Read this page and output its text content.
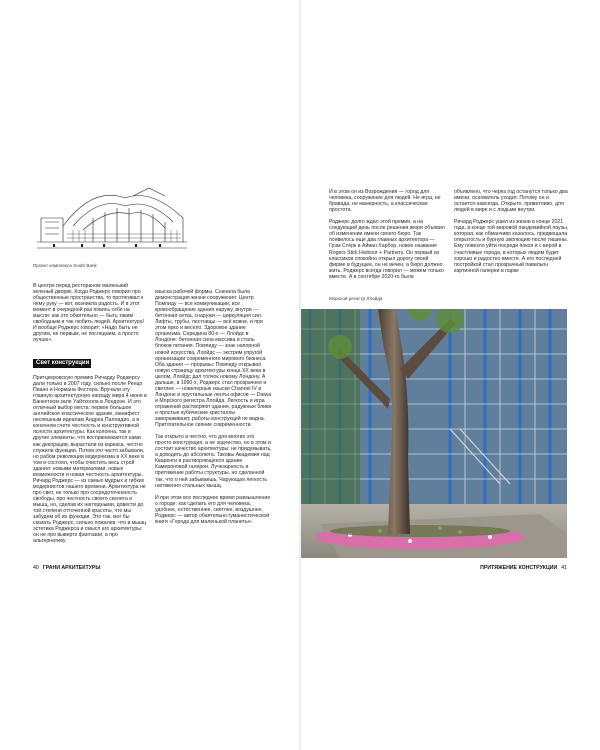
Проект комплекса South Bank

В центре перед рестораном маленький зеленый дворик. Когда Роджерс говорил про общественные пространства, то протягивал к нему руку — вот, возникла радость. И в этот момент в очередной раз повись себя на мысли: как это обаятельно — быть таким свободным и так любить людей. Архитектура! И вообще Роджерс говорит: «Надо быть не другим, не первым, не последним, а просто лучше».

Свет конструкции

Притцкеровскую премию Ричарду Роджерсу дали только в 2007 году, сильно после Ренцо Пиано и Нормана Фостера. Вручали эту главную архитектурную награду мира 4 июня в Банкетном зале Уайтхолла в Лондоне. И это отличный выбор места: первое большое английское классическое здание, манифест неспешным идеалам Андреа Палладио, а в конечном счете честность и конструктивной ясности архитектуры. Как колонна, так и другие элементы, что воспринимаются нами как декорации, вырастали из каркаса, честно служили функции. Потом это часто забывали, но рабом революции модернизма в XX веке в том и состоял, чтобы очистить весь строй здания: новыми материалами, новые возможности и новая честность архитектуры. Ричард Роджерс — из самых мудрых и гибких модернистов нашего времени. Архитектура не про свет, не только про сосредоточенность свободы, про честность своего скелета и мышц, но, сделав их наглядными, довести до той степени отточенной красоты, что мы забудем об их функции. Это так, мог бы сказать Роджерс, сильно пожалев, что в мышц эстетика Роджерса и смысл его архитектуры: он не про вывертs фантазии, а про альтернативу.

изыска рабочей формы. Сначала была демонстрация жизни сооружения: Центр Помпиду — все коммуникации, все кровообращение здания наружу, внутри — бетонная сетка, снаружи — циркуляция сил. Лифты, трубы, лестницы — всё вовне, и при этом ярко и весело. Здоровое здание организма. Середина 80-х — Ллойдс в Лондоне: бетонная сила массива и сталь блоков питания. Помпиду — знак напорной новой искусства, Ллойдс — экстрим упругой организации современного мирового бизнеса. Оба здания — прорывы: Помпиду открывал новую страницу архитектуры конца XX века в целом, Ллойдс дал толчок новому Лондону. А дальше, в 1990-х, Роджерс стал прозрачнее и светлее — новелерные изыски Channel IV в Лондоне и хрустальные ленты офисов — Daiwa и Морского регистра Ллойда. Легкость и игра отражений растворяют здания, радужные блики и простые кубические кристаллы завораживают, работы конструкций не видна. Притягательное сияние современности.

Так открыто и честно, что для многих это просто конструкция, а не зодчество, но в этом и состоит качество архитектуры: не придумывать, а доводить до абсолюта. Таковы Академия над Кваренги и растворяющееся здание Камероновой галереи. Лучезарность и притяжение работы структуры, но сделанной так, что о ней забываешь. Чарующая легкость натяжения стальных мышц.

И при этом все последнее время размышление о городе: как сделать его для человека, удобнее, естественнее, светлее, воздушнее. Роджерс — автор обаятельно гуманистической книги «Города для маленькой планеты».

40 ГРАНИ АРХИТЕКТУРЫ

И в этом он из Возрождения — город для человека, сооружение для людей. Не игра, не бравада, не манерность, а классическая простота.

Роджерс долго ждал этой премии, а на следующий день после решения жюри объявил об изменении имени своего бюро. Так появилось еще два главных архитектора — Грэм Стёрк и Айван Харбор, новое название Rogers Stirk Harbour + Partners. Он первый из классиков спокойно открыл дорогу своей фирме в будущее, он не вечен, а бюро должно жить. Роджерс всегда говорил — можем только вместе. А в сентябре 2020-го была

объявлено, что через год останутся только два имени, основатель уходит. Потому он и остается навсегда. Открыто, приветливо, для людей в мире и с людьми внутри.

Ричард Роджерс ушел из жизни в конце 2021 года, в конце той мировой пандемийной паузы, которая, как обманчиво казалось, предвещала открытость и бурную эволюцию после тишины. Ему повезло уйти посреди покоя и с верой в счастливые города, в которых людям будет хорошо и радостно вместе. А его последней постройкой стал прозрачный павильон картинной галереи в парке

Морской регистр Ллойда
ПРИТЯЖЕНИЕ КОНСТРУКЦИИ 41
